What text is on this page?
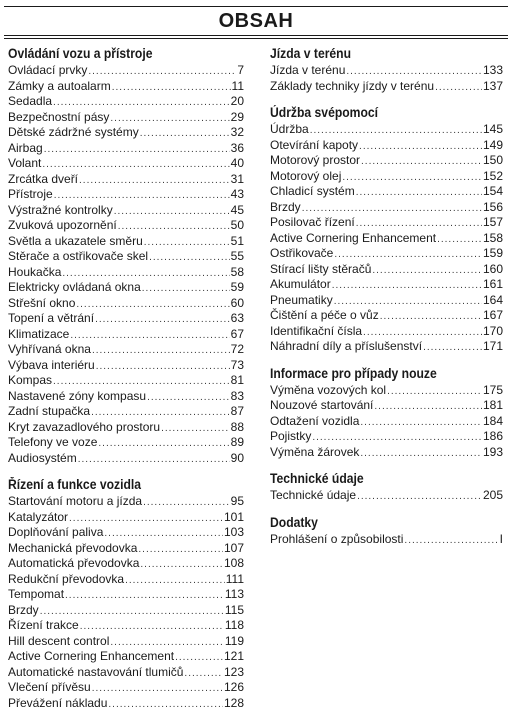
OBSAH
Ovládání vozu a přístroje
Ovládací prvky .....	7
Zámky a autoalarm .....	11
Sedadla .....	20
Bezpečnostní pásy .....	29
Dětské zádržné systémy .....	32
Airbag .....	36
Volant .....	40
Zrcátka dveří .....	31
Přístroje .....	43
Výstražné kontrolky .....	45
Zvuková upozornění .....	50
Světla a ukazatele směru .....	51
Stěrače a ostřikovače skel .....	55
Houkačka .....	58
Elektricky ovládaná okna .....	59
Střešní okno .....	60
Topení a větrání .....	63
Klimatizace .....	67
Vyhřívaná okna .....	72
Výbava interiéru .....	73
Kompas .....	81
Nastavené zóny kompasu .....	83
Zadní stupačka .....	87
Kryt zavazadlového prostoru .....	88
Telefony ve voze .....	89
Audiosystém .....	90
Řízení a funkce vozidla
Startování motoru a jízda .....	95
Katalyzátor .....	101
Doplňování paliva .....	103
Mechanická převodovka .....	107
Automatická převodovka .....	108
Redukční převodovka .....	111
Tempomat .....	113
Brzdy .....	115
Řízení trakce .....	118
Hill descent control .....	119
Active Cornering Enhancement .....	121
Automatické nastavování tlumičů .....	123
Vlečení přívěsu .....	126
Převážení nákladu .....	128
Jízda v terénu
Jízda v terénu .....	133
Základy techniky jízdy v terénu .....	137
Údržba svépomocí
Údržba .....	145
Otevírání kapoty .....	149
Motorový prostor .....	150
Motorový olej .....	152
Chladicí systém .....	154
Brzdy .....	156
Posilovač řízení .....	157
Active Cornering Enhancement .....	158
Ostřikovače .....	159
Stírací lišty stěračů .....	160
Akumulátor .....	161
Pneumatiky .....	164
Čištění a péče o vůz .....	167
Identifikační čísla .....	170
Náhradní díly a příslušenství .....	171
Informace pro případy nouze
Výměna vozových kol .....	175
Nouzové startování .....	181
Odtažení vozidla .....	184
Pojistky .....	186
Výměna žárovek .....	193
Technické údaje
Technické údaje .....	205
Dodatky
Prohlášení o způsobilosti .....	I
